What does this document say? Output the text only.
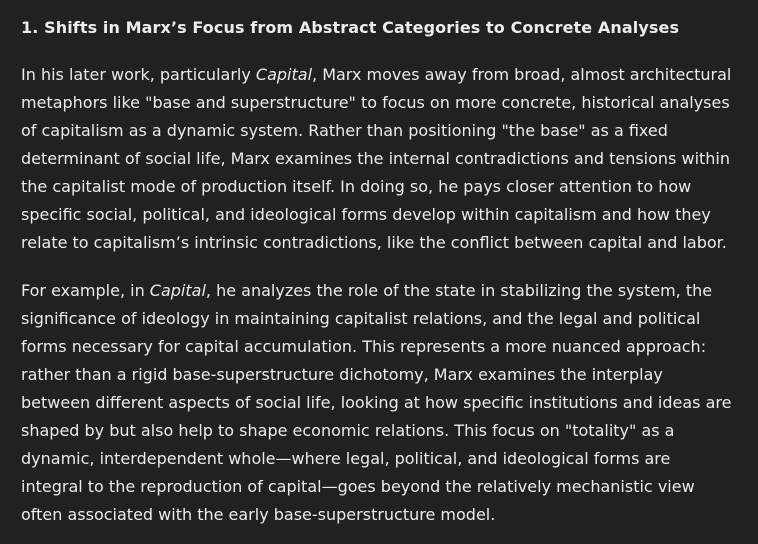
1. Shifts in Marx’s Focus from Abstract Categories to Concrete Analyses

In his later work, particularly Capital, Marx moves away from broad, almost architectural
metaphors like "base and superstructure" to focus on more concrete, historical analyses
of capitalism as a dynamic system. Rather than positioning "the base" as a fixed
determinant of social life, Marx examines the internal contradictions and tensions within
the capitalist mode of production itself. In doing so, he pays closer attention to how
specific social, political, and ideological forms develop within capitalism and how they
relate to capitalism’s intrinsic contradictions, like the conflict between capital and labor.

For example, in Capital, he analyzes the role of the state in stabilizing the system, the
significance of ideology in maintaining capitalist relations, and the legal and political
forms necessary for capital accumulation. This represents a more nuanced approach:
rather than a rigid base-superstructure dichotomy, Marx examines the interplay
between different aspects of social life, looking at how specific institutions and ideas are
shaped by but also help to shape economic relations. This focus on "totality" as a
dynamic, interdependent whole—where legal, political, and ideological forms are
integral to the reproduction of capital—goes beyond the relatively mechanistic view
often associated with the early base-superstructure model.
